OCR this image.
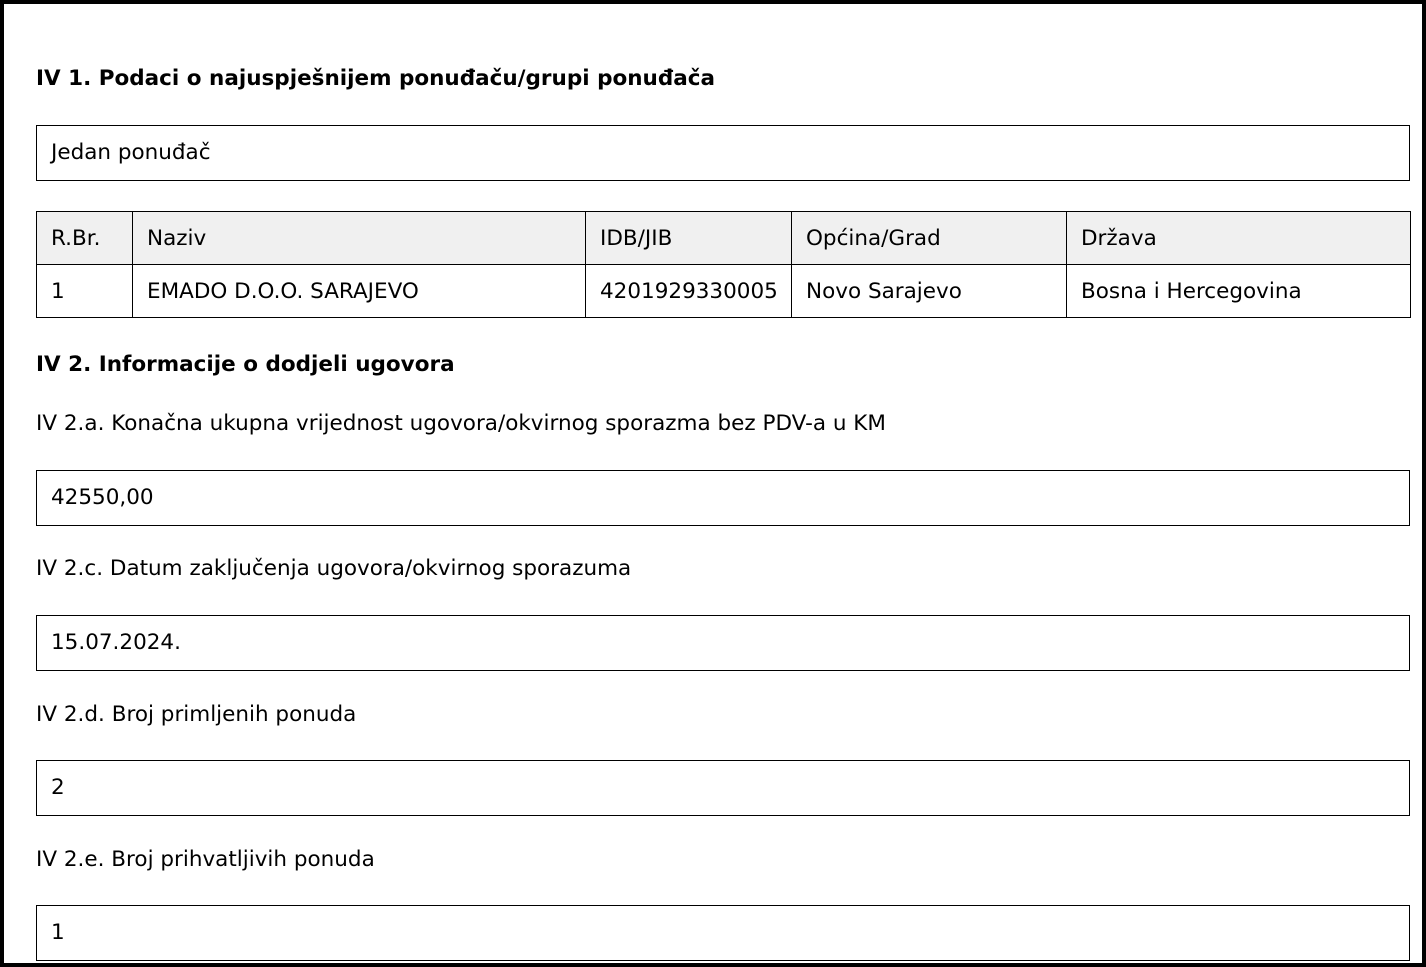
IV 1. Podaci o najuspješnijem ponuđaču/grupi ponuđača
Jedan ponuđač
R.Br.	Naziv	IDB/JIB	Općina/Grad	Država
1	EMADO D.O.O. SARAJEVO	4201929330005	Novo Sarajevo	Bosna i Hercegovina
IV 2. Informacije o dodjeli ugovora
IV 2.a. Konačna ukupna vrijednost ugovora/okvirnog sporazma bez PDV-a u KM
42550,00
IV 2.c. Datum zaključenja ugovora/okvirnog sporazuma
15.07.2024.
IV 2.d. Broj primljenih ponuda
2
IV 2.e. Broj prihvatljivih ponuda
1
